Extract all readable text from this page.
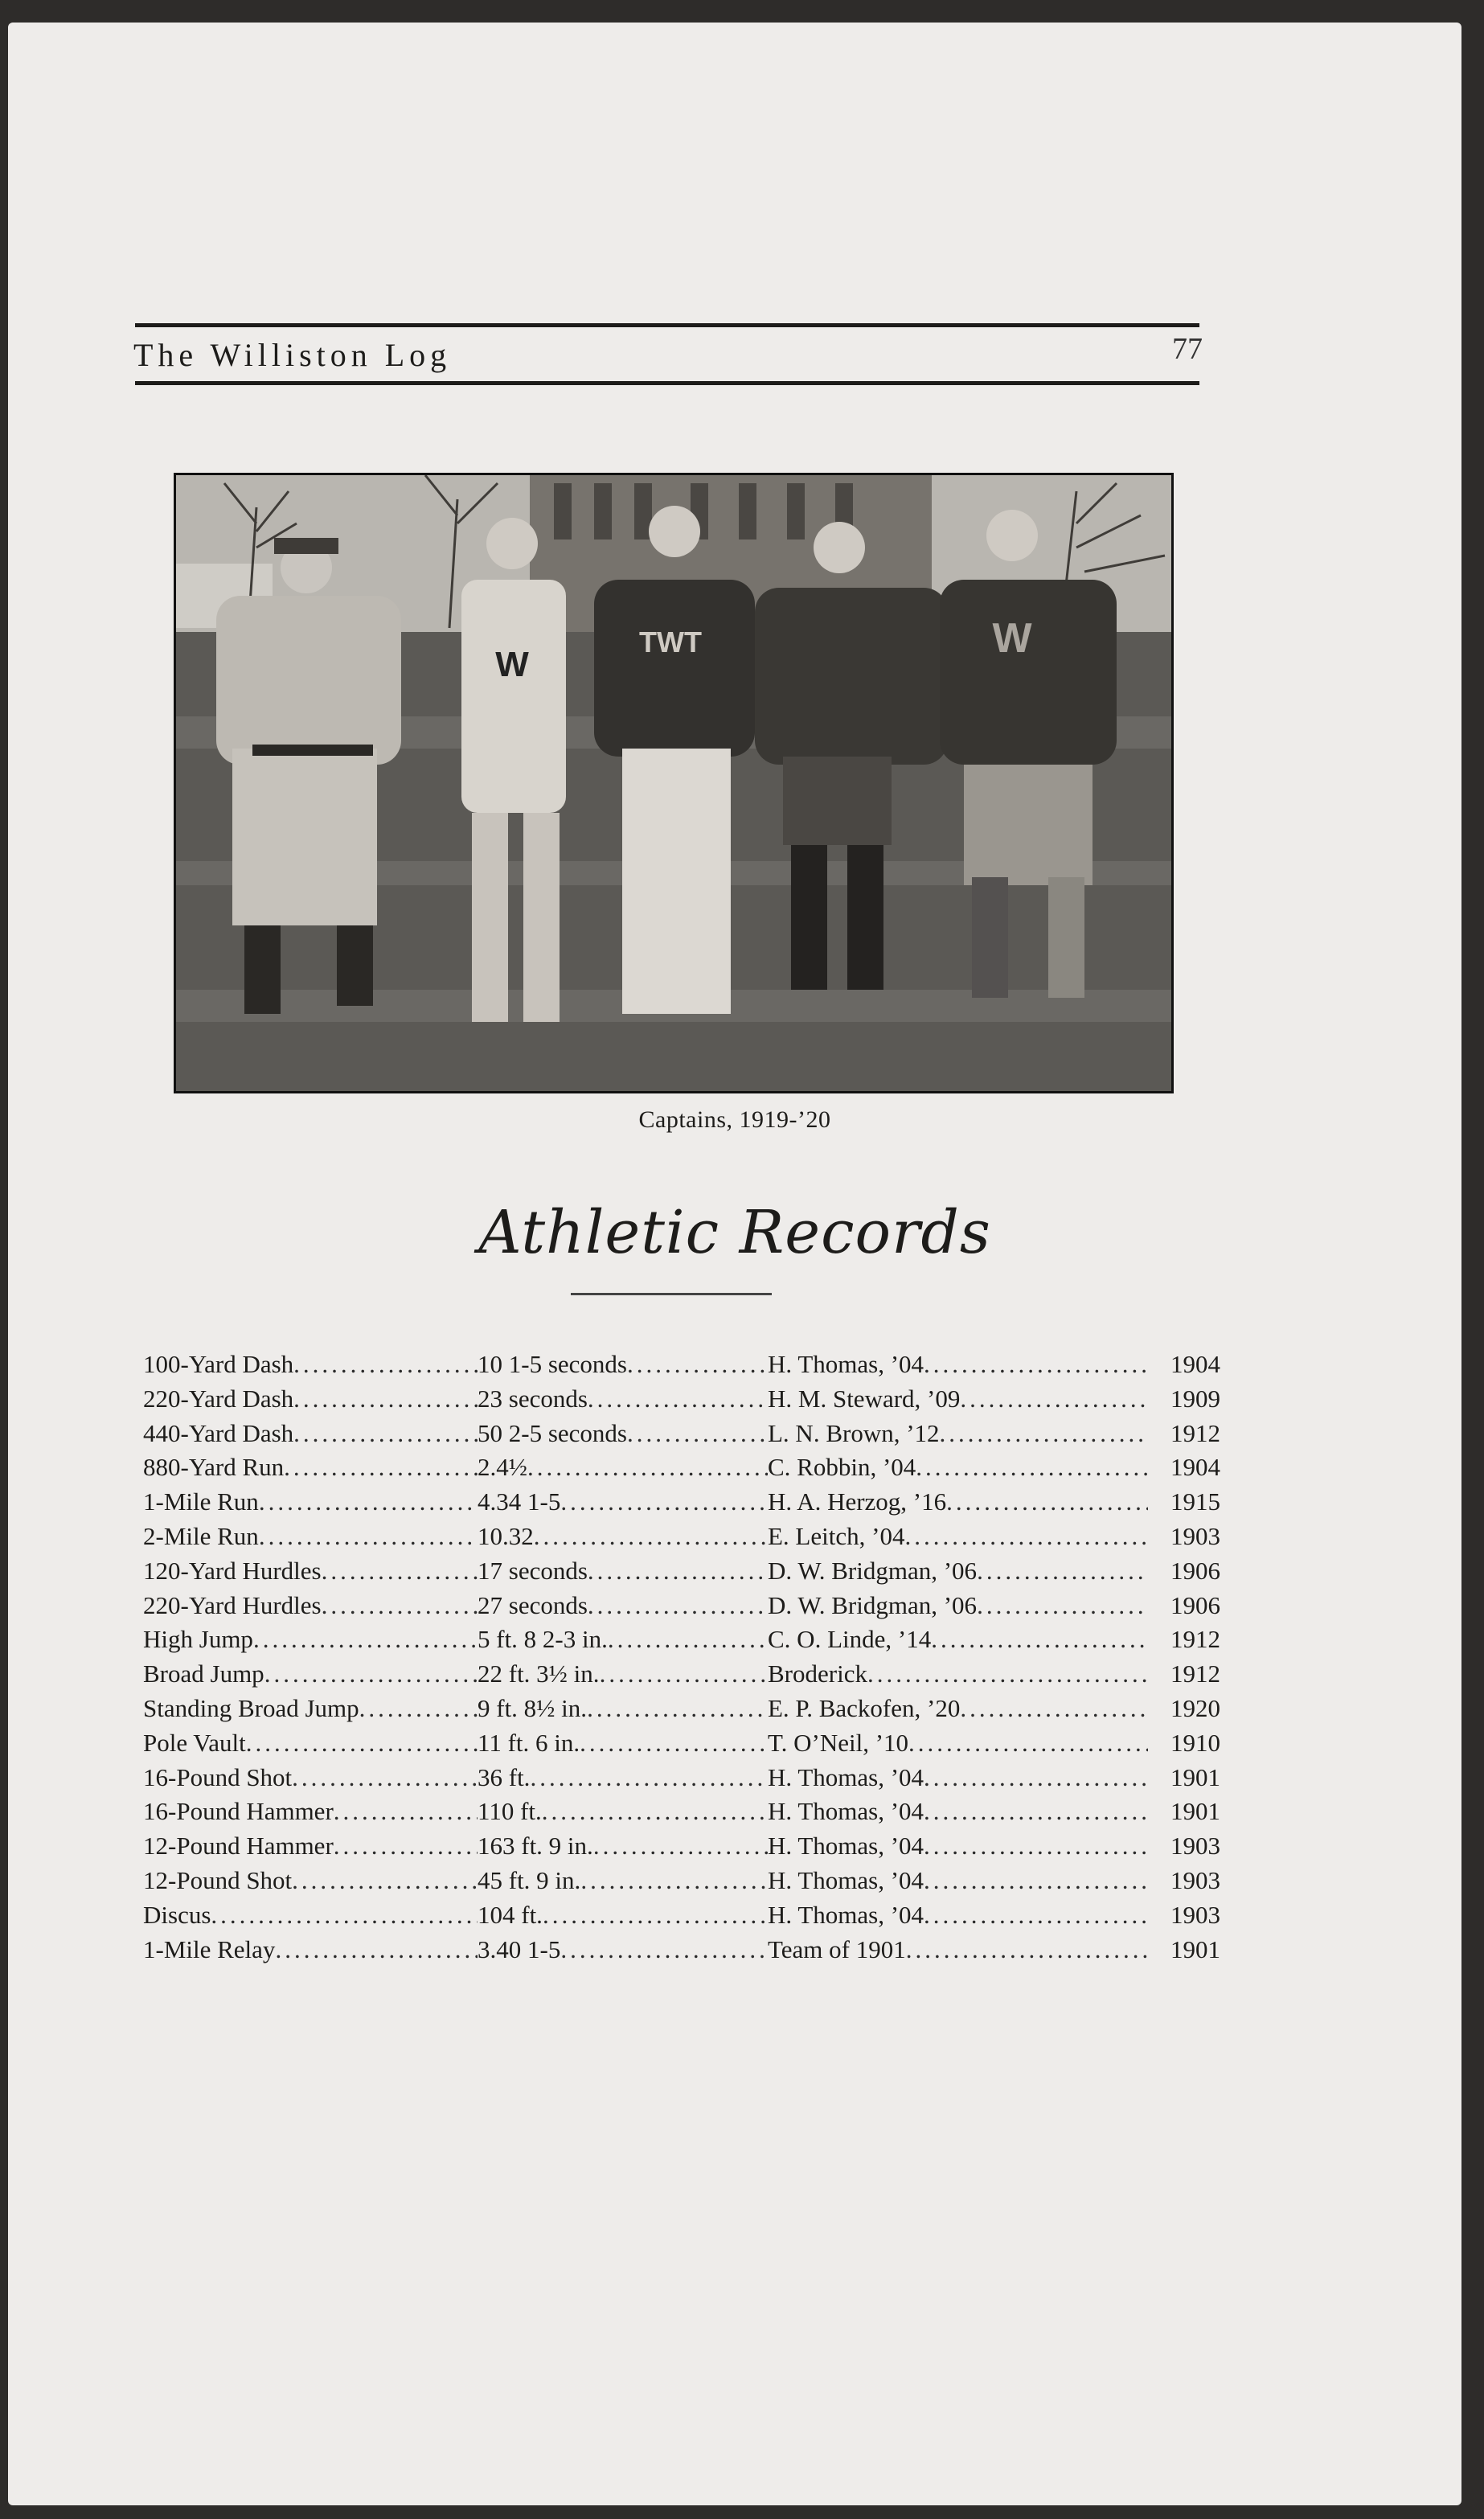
The Williston Log	77
W
TWT	W
Captains, 1919-’20
Athletic Records
100-Yard Dash .....	10 1-5 seconds .....	H. Thomas, ’04 .....	1904
220-Yard Dash .....	23 seconds .....	H. M. Steward, ’09 .....	1909
440-Yard Dash .....	50 2-5 seconds .....	L. N. Brown, ’12 .....	1912
880-Yard Run .....	2.4½ .....	C. Robbin, ’04 .....	1904
1-Mile Run .....	4.34 1-5 .....	H. A. Herzog, ’16 .....	1915
2-Mile Run .....	10.32 .....	E. Leitch, ’04 .....	1903
120-Yard Hurdles .....	17 seconds .....	D. W. Bridgman, ’06 .....	1906
220-Yard Hurdles .....	27 seconds .....	D. W. Bridgman, ’06 .....	1906
High Jump .....	5 ft. 8 2-3 in. .....	C. O. Linde, ’14 .....	1912
Broad Jump .....	22 ft. 3½ in. .....	Broderick .....	1912
Standing Broad Jump .....	9 ft. 8½ in. .....	E. P. Backofen, ’20 .....	1920
Pole Vault .....	11 ft. 6 in. .....	T. O’Neil, ’10 .....	1910
16-Pound Shot .....	36 ft. .....	H. Thomas, ’04 .....	1901
16-Pound Hammer .....	110 ft. .....	H. Thomas, ’04 .....	1901
12-Pound Hammer .....	163 ft. 9 in. .....	H. Thomas, ’04 .....	1903
12-Pound Shot .....	45 ft. 9 in. .....	H. Thomas, ’04 .....	1903
Discus .....	104 ft. .....	H. Thomas, ’04 .....	1903
1-Mile Relay .....	3.40 1-5 .....	Team of 1901 .....	1901
